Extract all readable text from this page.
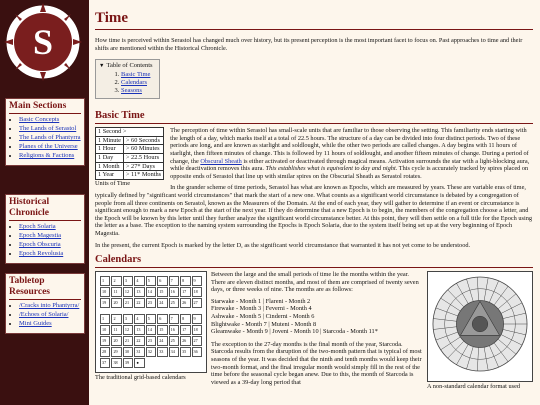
S
Main Sections
• Basic Concepts
• The Lands of Serastol
• The Lands of Phantyrra
• Planes of the Universe
• Religions & Factions
Historical Chronicle
• Epoch Solaria
• Epoch Magestia
• Epoch Obscuria
• Epoch Revolusia
Tabletop Resources
• /Cracks into Phantyrra/
• /Echoes of Solaria/
• Mini Guides
Time

How time is perceived within Serastol has changed much over history, but its present perception is the most important facet to focus on. Past approaches to time and their shifts are mentioned within the Historical Chronicle.

▼ Table of Contents
1. Basic Time
2. Calendars
3. Seasons
Basic Time
1 Second >	
1 Minute	> 60 Seconds
1 Hour	> 60 Minutes
1 Day	> 22.5 Hours
1 Month	> 27* Days
1 Year	> 11* Months
Units of Time

The perception of time within Serastol has small-scale units that are familiar to those observing the setting. This familiarity ends starting with the length of a day, which marks itself at a total of 22.5 hours. The structure of a day can be divided into four distinct periods. Two of these periods are long, and are known as starlight and soldlought, while the other two periods are called changes. A day begins with 11 hours of starlight, then fifteen minutes of change. This is followed by 11 hours of soldlought, and another fifteen minutes of change. During a period of change, the Obscural Sheath is either activated or deactivated through magical means. Activation surrounds the star with a light-blocking aura, while deactivation removes this aura. This establishes what is equivalent to day and night. This cycle is accurately tracked by spires placed on opposite ends of Serastol that line up with similar spires on the Obscurial Sheath as Serastol rotates.

In the grander scheme of time periods, Serastol has what are known as Epochs, which are measured by years. These are variable eras of time, typically defined by "significant world circumstances" that mark the start of a new one. What counts as a significant world circumstance is debated by a congregation of people from all three continents on Serastol, known as the Measurers of the Domain. At the end of each year, they will gather to determine if an event or circumstance is significant enough to mark a new Epoch at the start of the next year. If they do determine that a new Epoch is to begin, the members of the congregation choose a letter, and the Epoch will be known by this letter until they further analyze the significant world circumstance better. At this point, they will then settle on a full title for the Epoch using the letter as a base. The exception to the naming system surrounding the Epochs is Epoch Solaria, due to the system itself being set up at the very beginning of Epoch Magestia.

In the present, the current Epoch is marked by the letter D, as the significant world circumstance that warranted it has not yet come to be understood.

Calendars
1	2	3	4	5	6	7	8	9
10	11	12	13	14	15	16	17	18
19	20	21	22	23	24	25	26	27
1	2	3	4	5	6	7	8	9
10	11	12	13	14	15	16	17	18
19	20	21	22	23	24	25	26	27
28	29	30	31	32	33	34	35	36
37	38	39	●					
The traditional grid-based calendars
A non-standard calendar format used

Between the large and the small periods of time lie the months within the year. There are eleven distinct months, and most of them are comprised of twenty seven days, or three weeks of nine. The months are as follows:

Starwake - Month 1 | Flareni - Month 2
Firewake - Month 3 | Feverni - Month 4
Ashwake - Month 5 | Cinderni - Month 6
Blightwake - Month 7 | Muteni - Month 8
Gleamwake - Month 9 | Joveni - Month 10 | Starcoda - Month 11*

The exception to the 27-day months is the final month of the year, Starcoda. Starcoda results from the disruption of the two-month pattern that is typical of most seasons of the year. It was decided that the ninth and tenth months would keep their two-month format, and the final irregular month would simply fill in the rest of the time before the seasonal cycle began anew. Due to this, the month of Starcoda is viewed as a 39-day long period that
